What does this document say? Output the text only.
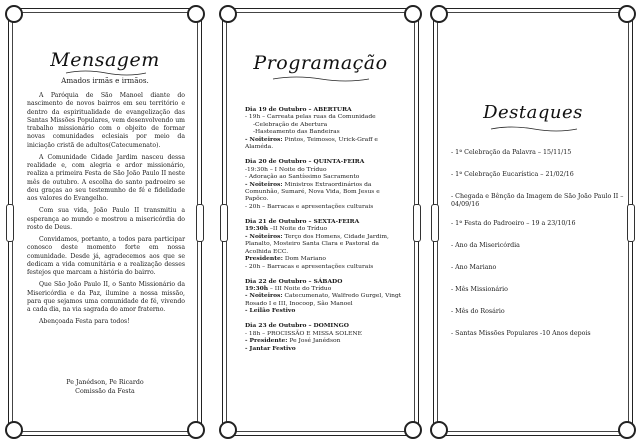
Mensagem
Amados irmãs e irmãos.

A Paróquia de São Manoel diante do nascimento de novos bairros em seu território e dentro da espiritualidade de evangelização das Santas Missões Populares, vem desenvolvendo um trabalho missionário com o objeito de formar novas comunidades eclesiais por meio da iniciação cristã de adultos(Catecumenato).

A Comunidade Cidade Jardim nasceu dessa realidade e, com alegria e ardor missionário, realiza a primeira Festa de São João Paulo II neste mês de outubro. A escolha do santo padroeiro se deu graças ao seu testemunho de fé e fidelidade aos valores do Evangelho.

Com sua vida, João Paulo II transmitiu a esperança ao mundo e mostrou a misericórdia do rosto de Deus.

Convidamos, portanto, a todos para participar conosco deste momento forte em nossa comunidade. Desde já, agradecemos aos que se dedicam a vida comunitária e a realização desses festejos que marcam a história do bairro.

Que São João Paulo II, o Santo Missionário da Misericórdia e da Paz, ilumine a nossa missão, para que sejamos uma comunidade de fé, vivendo a cada dia, na via sagrada do amor fraterno.

Abençoada Festa para todos!

Pe Janédson, Pe Ricardo
Comissão da Festa
Programação
Dia 19 de Outubro – ABERTURA
- 19h – Carreata pelas ruas da Comunidade
-Celebração de Abertura
-Hasteamento das Bandeiras
- Noiteiros: Pintos, Teimosos, Urick-Graff e Alaméda.
Dia 20 de Outubro – QUINTA-FEIRA
-19:30h – I Noite do Tríduo
- Adoração ao Santíssimo Sacramento
- Noiteiros: Ministros Extraordinários da Comunhão, Sumaré, Nova Vida, Bom Jesus e Papôco.
- 20h – Barracas e apresentações culturais
Dia 21 de Outubro – SEXTA-FEIRA
19:30h –II Noite do Tríduo
- Noiteiros: Terço dos Homens, Cidade Jardim, Planalto, Mosteiro Santa Clara e Pastoral da Acolhida ECC.
Presidente: Dom Mariano
- 20h – Barracas e apresentações culturais
Dia 22 de Outubro – SÁBADO
19:30h – III Noite do Tríduo
- Noiteiros: Catecumenato, Walfredo Gurgel, Vingt Rosado I e III, Inocoop, São Manoel
- Leilão Festivo
Dia 23 de Outubro – DOMINGO
- 18h – PROCISSÃO E MISSA SOLENE
- Presidente: Pe José Janédson
- Jantar Festivo
Destaques
- 1ª Celebração da Palavra – 15/11/15
- 1ª Celebração Eucarística – 21/02/16
- Chegada e Bênção da Imagem de São João Paulo II – 04/09/16
- 1ª Festa do Padroeiro – 19 a 23/10/16
- Ano da Misericórdia
- Ano Mariano
- Mês Missionário
- Mês do Rosário
- Santas Missões Populares -10 Anos depois
